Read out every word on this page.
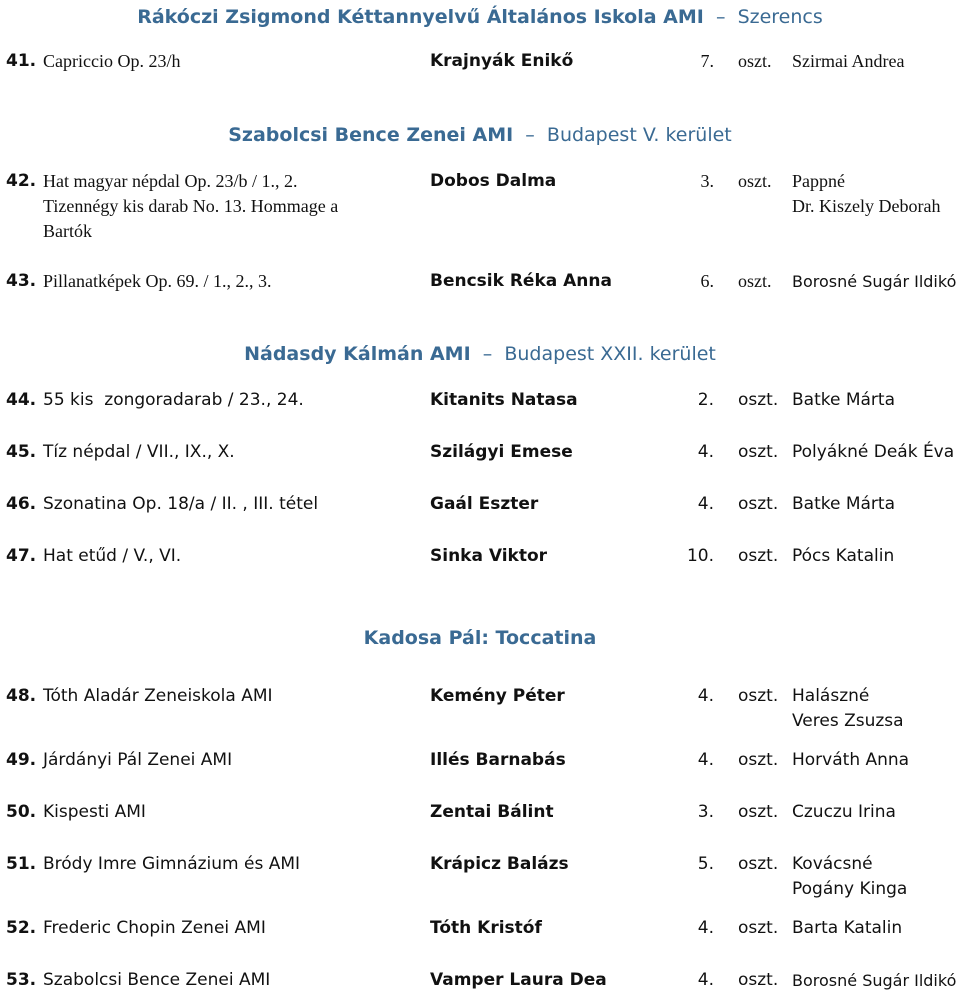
Rákóczi Zsigmond Kéttannyelvű Általános Iskola AMI  –  Szerencs
Szabolcsi Bence Zenei AMI  –  Budapest V. kerület
Nádasdy Kálmán AMI  –  Budapest XXII. kerület
Kadosa Pál: Toccatina
41. Capriccio Op. 23/h	Krajnyák Enikő	7. oszt. Szirmai Andrea
42. Hat magyar népdal Op. 23/b / 1., 2.
Tizennégy kis darab No. 13. Hommage a
Bartók
Dobos Dalma	3. oszt. Pappné
Dr. Kiszely Deborah
43. Pillanatképek Op. 69. / 1., 2., 3.	Bencsik Réka Anna	6. oszt. Borosné Sugár Ildikó
44. 55 kis  zongoradarab / 23., 24.	Kitanits Natasa	2. oszt. Batke Márta
45. Tíz népdal / VII., IX., X.	Szilágyi Emese	4. oszt. Polyákné Deák Éva
46. Szonatina Op. 18/a / II. , III. tétel	Gaál Eszter	4. oszt. Batke Márta
47. Hat etűd / V., VI.	Sinka Viktor	10. oszt. Pócs Katalin
48. Tóth Aladár Zeneiskola AMI	Kemény Péter	4. oszt. Halászné
Veres Zsuzsa
49. Járdányi Pál Zenei AMI	Illés Barnabás	4. oszt. Horváth Anna
50. Kispesti AMI	Zentai Bálint	3. oszt. Czuczu Irina
51. Bródy Imre Gimnázium és AMI	Krápicz Balázs	5. oszt. Kovácsné
Pogány Kinga
52. Frederic Chopin Zenei AMI	Tóth Kristóf	4. oszt. Barta Katalin
53. Szabolcsi Bence Zenei AMI	Vamper Laura Dea	4. oszt. Borosné Sugár Ildikó
